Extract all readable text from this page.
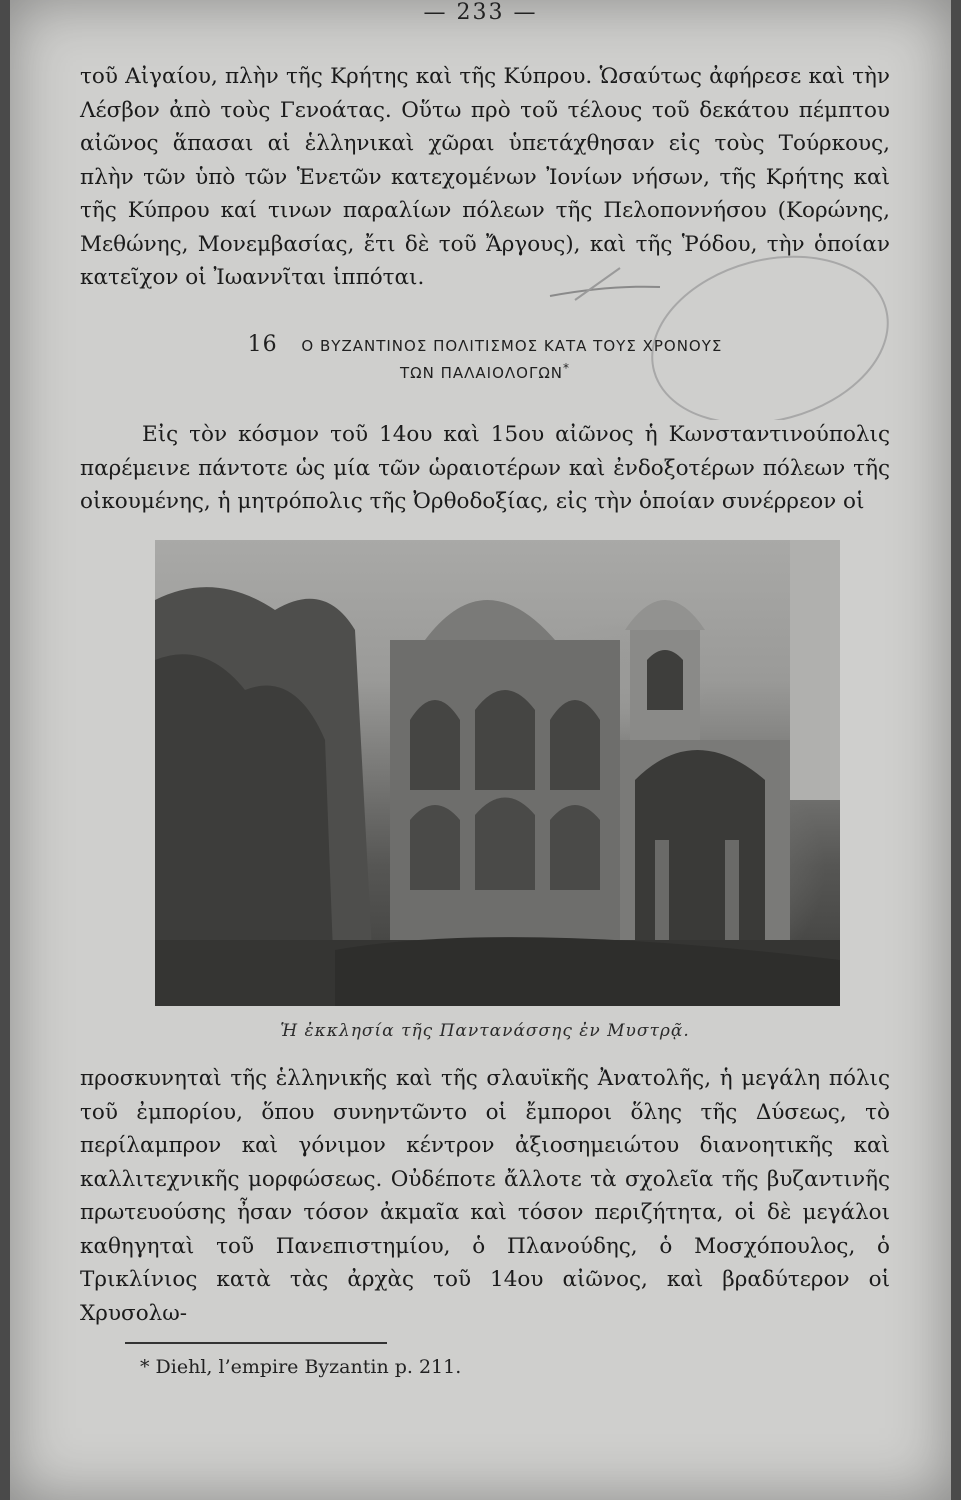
— 233 —

τοῦ Αἰγαίου, πλὴν τῆς Κρήτης καὶ τῆς Κύπρου. Ὡσαύτως ἀφήρεσε καὶ τὴν Λέσβον ἀπὸ τοὺς Γενοάτας. Οὕτω πρὸ τοῦ τέλους τοῦ δεκάτου πέμπτου αἰῶνος ἅπασαι αἱ ἑλληνικαὶ χῶραι ὑπετάχθησαν εἰς τοὺς Τούρκους, πλὴν τῶν ὑπὸ τῶν Ἑνετῶν κατεχομένων Ἰονίων νήσων, τῆς Κρήτης καὶ τῆς Κύπρου καί τινων παραλίων πόλεων τῆς Πελοποννήσου (Κορώνης, Μεθώνης, Μονεμβασίας, ἔτι δὲ τοῦ Ἄργους), καὶ τῆς Ῥόδου, τὴν ὁποίαν κατεῖχον οἱ Ἰωαννῖται ἱππόται.

16 Ο ΒΥΖΑΝΤΙΝΟΣ ΠΟΛΙΤΙΣΜΟΣ ΚΑΤΑ ΤΟΥΣ ΧΡΟΝΟΥΣ
ΤΩΝ ΠΑΛΑΙΟΛΟΓΩΝ*

Εἰς τὸν κόσμον τοῦ 14ου καὶ 15ου αἰῶνος ἡ Κωνσταντινούπολις παρέμεινε πάντοτε ὡς μία τῶν ὡραιοτέρων καὶ ἐνδοξοτέρων πόλεων τῆς οἰκουμένης, ἡ μητρόπολις τῆς Ὀρθοδοξίας, εἰς τὴν ὁποίαν συνέρρεον οἱ

Ἡ ἐκκλησία τῆς Παντανάσσης ἐν Μυστρᾷ.

προσκυνηταὶ τῆς ἑλληνικῆς καὶ τῆς σλαυϊκῆς Ἀνατολῆς, ἡ μεγάλη πόλις τοῦ ἐμπορίου, ὅπου συνηντῶντο οἱ ἔμποροι ὅλης τῆς Δύσεως, τὸ περίλαμπρον καὶ γόνιμον κέντρον ἀξιοσημειώτου διανοητικῆς καὶ καλλιτεχνικῆς μορφώσεως. Οὐδέποτε ἄλλοτε τὰ σχολεῖα τῆς βυζαντινῆς πρωτευούσης ἦσαν τόσον ἀκμαῖα καὶ τόσον περιζήτητα, οἱ δὲ μεγάλοι καθηγηταὶ τοῦ Πανεπιστημίου, ὁ Πλανούδης, ὁ Μοσχόπουλος, ὁ Τρικλίνιος κατὰ τὰς ἀρχὰς τοῦ 14ου αἰῶνος, καὶ βραδύτερον οἱ Χρυσολω-

* Diehl, l’empire Byzantin p. 211.
